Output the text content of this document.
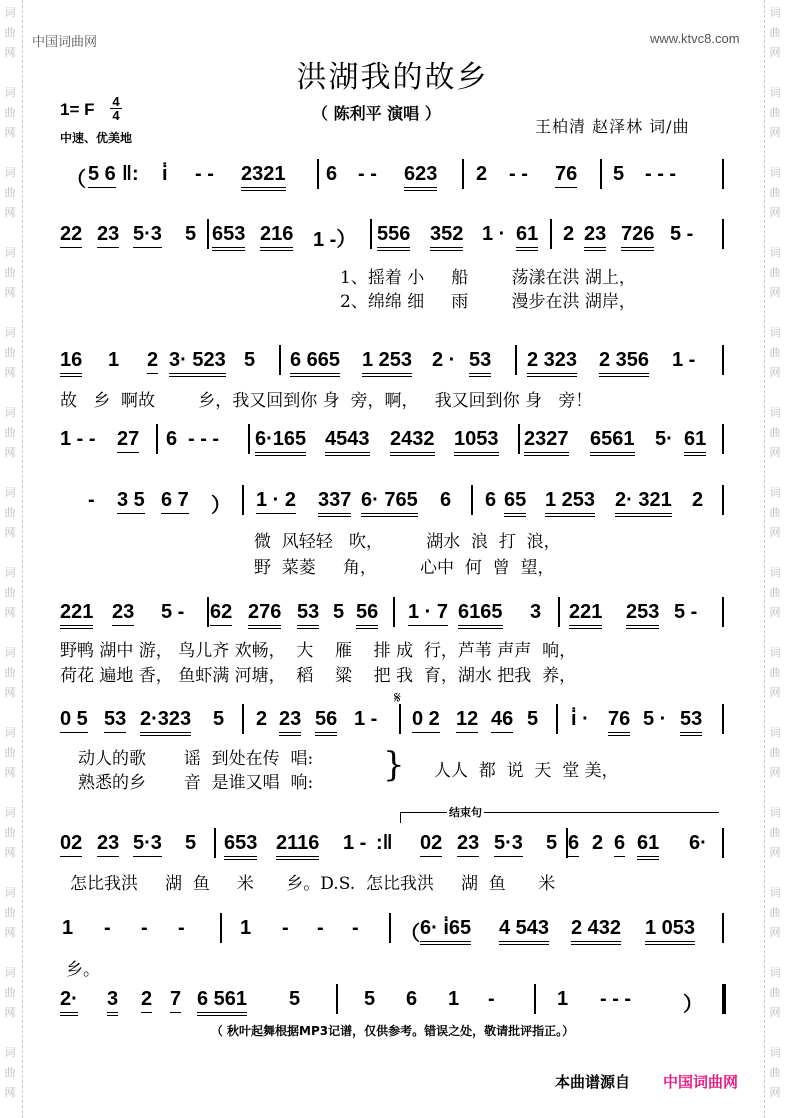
词
曲
网
词
曲
网
词
曲
网
词
曲
网
词
曲
网
词
曲
网
词
曲
网
词
曲
网
词
曲
网
词
曲
网
词
曲
网
词
曲
网
词
曲
网
词
曲
网
词
曲
网
词
曲
网
词
曲
网
词
曲
网
词
曲
网
词
曲
网
词
曲
网
词
曲
网
词
曲
网
词
曲
网
词
曲
网
词
曲
网
词
曲
网
词
曲
网
中国词曲网	www.ktvc8.com
洪湖我的故乡
（ 陈利平 演唱 ）
1= F 4
4
中速、优美地
王柏清 赵泽林 词/曲
（ 5 6 ‖: i̇ - - 2321 6 - - 623 2 - - 76 5 - - -
22 23 5·3 5 653 216 1 -） 556 352 1 · 61 2 23 726 5 -
16 1 2 3· 523 5 6 665 1 253 2 · 53 2 323 2 356 1 -
1 - - 27 6 - - - 6·165 4543 2432 1053 2327 6561 5· 61
- 3 5 6 7 ） 1 · 2 337 6· 765 6 6 65 1 253 2· 321 2
221 23 5 - 62 276 53 5 56 1 · 7 6165 3 221 253 5 -
0 5 53 2·323 5 2 23 56 1 - 0 2 12 46 5 i̇ · 76 5 · 53
02 23 5·3 5 653 2116 1 - :‖ 02 23 5·3 5 6 2 6 61 6·
1 - - -	1 - - - （ 6· i̇65 4 543 2 432 1 053
2· 3 2 7 6 561 5	5 6 1 -	1 - - -	）
1、摇着 小     船        荡漾在洪 湖上，
2、绵绵 细     雨        漫步在洪 湖岸，
故   乡  啊故        乡，我又回到你 身  旁，啊，   我又回到你 身   旁！
微  风轻轻   吹，        湖水  浪  打  浪，
野  菜菱     角，        心中  何  曾  望，
野鸭 湖中 游， 鸟儿齐 欢畅，  大    雁    排 成  行，芦苇 声声  响，
荷花 遍地 香， 鱼虾满 河塘，  稻    粱    把 我  育，湖水 把我  养，
动人的歌       谣  到处在传  唱:
熟悉的乡       音  是谁又唱  响:
人人  都  说  天  堂 美，
怎比我洪     湖  鱼     米      乡。D.S.  怎比我洪     湖  鱼      米
乡。
结束句
𝄋
}
（ 秋叶起舞根据MP3记谱，仅供参考。错误之处，敬请批评指正。）
本曲谱源自 中国词曲网
